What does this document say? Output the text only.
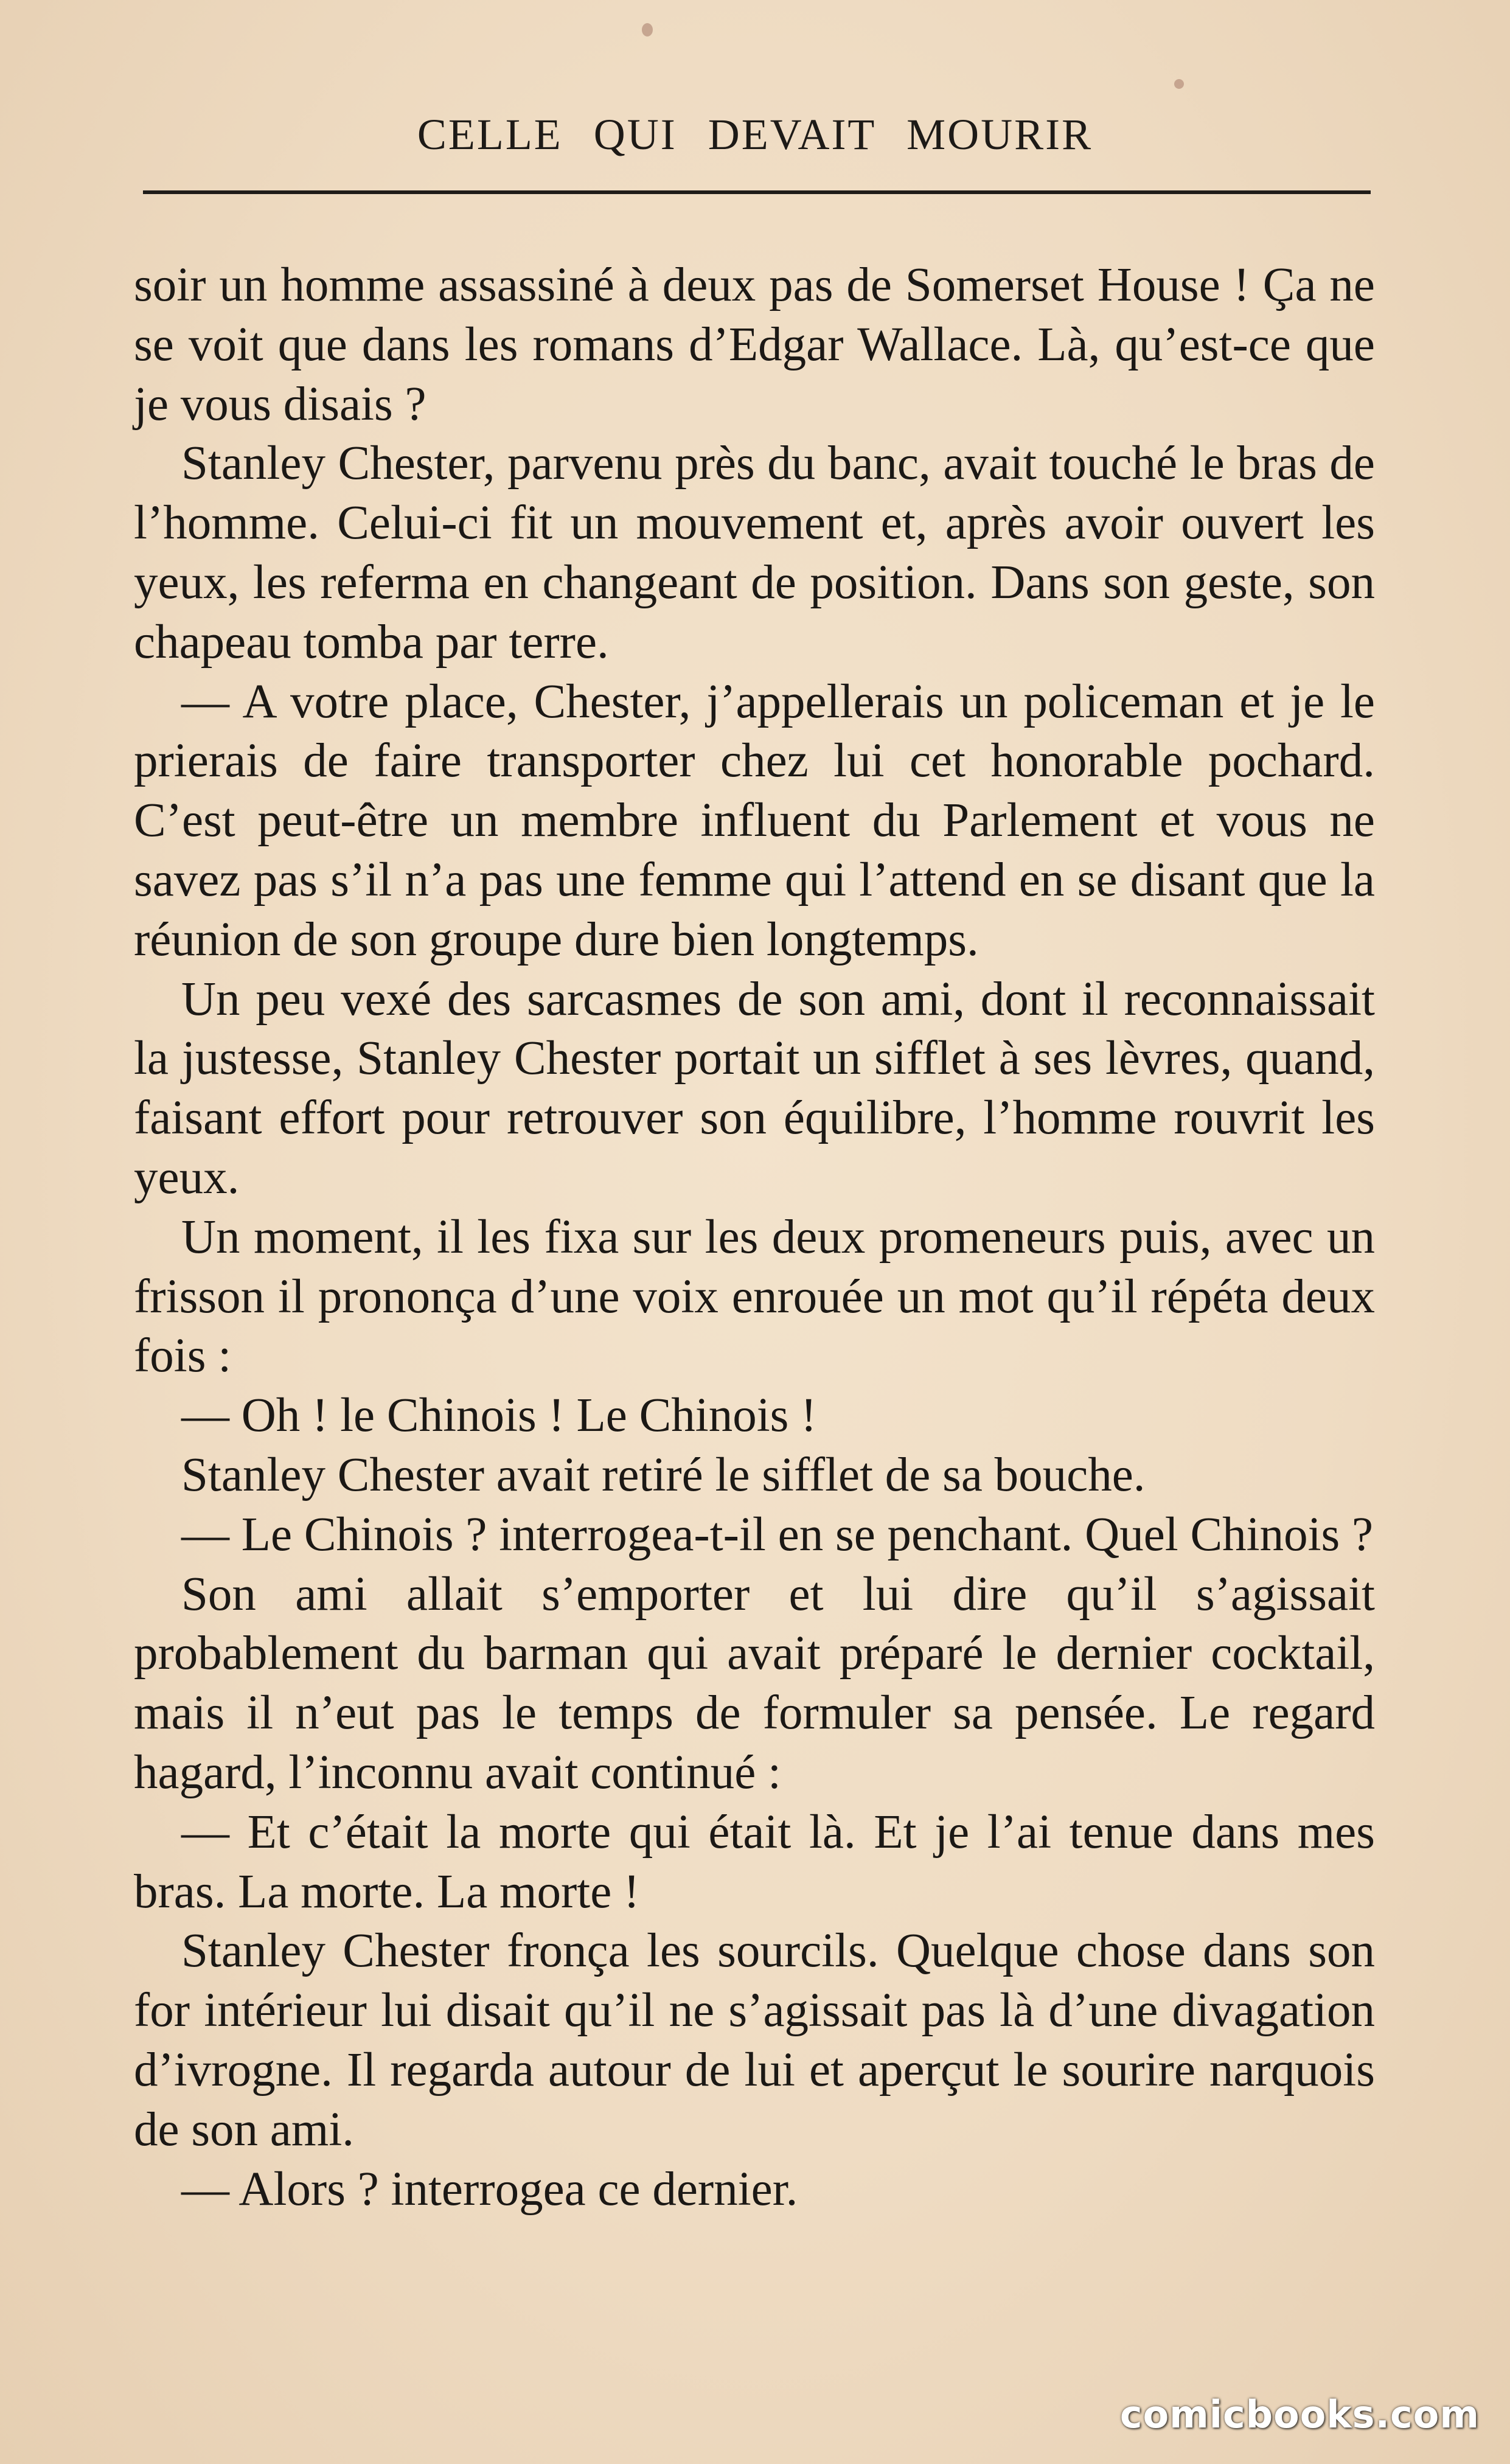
CELLE QUI DEVAIT MOURIR

soir un homme assassiné à deux pas de Somerset House ! Ça ne se voit que dans les romans d’Edgar Wallace. Là, qu’est-ce que je vous disais ?

Stanley Chester, parvenu près du banc, avait touché le bras de l’homme. Celui-ci fit un mouvement et, après avoir ouvert les yeux, les referma en changeant de position. Dans son geste, son chapeau tomba par terre.

— A votre place, Chester, j’appellerais un policeman et je le prierais de faire transporter chez lui cet honorable pochard. C’est peut-être un membre influent du Parlement et vous ne savez pas s’il n’a pas une femme qui l’attend en se disant que la réunion de son groupe dure bien longtemps.

Un peu vexé des sarcasmes de son ami, dont il reconnaissait la justesse, Stanley Chester portait un sifflet à ses lèvres, quand, faisant effort pour retrouver son équilibre, l’homme rouvrit les yeux.

Un moment, il les fixa sur les deux promeneurs puis, avec un frisson il prononça d’une voix enrouée un mot qu’il répéta deux fois :

— Oh ! le Chinois ! Le Chinois !

Stanley Chester avait retiré le sifflet de sa bouche.

— Le Chinois ? interrogea-t-il en se penchant. Quel Chinois ?

Son ami allait s’emporter et lui dire qu’il s’agissait probablement du barman qui avait préparé le dernier cocktail, mais il n’eut pas le temps de formuler sa pensée. Le regard hagard, l’inconnu avait continué :

— Et c’était la morte qui était là. Et je l’ai tenue dans mes bras. La morte. La morte !

Stanley Chester fronça les sourcils. Quelque chose dans son for intérieur lui disait qu’il ne s’agissait pas là d’une divagation d’ivrogne. Il regarda autour de lui et aperçut le sourire narquois de son ami.

— Alors ? interrogea ce dernier.

comicbooks.com
